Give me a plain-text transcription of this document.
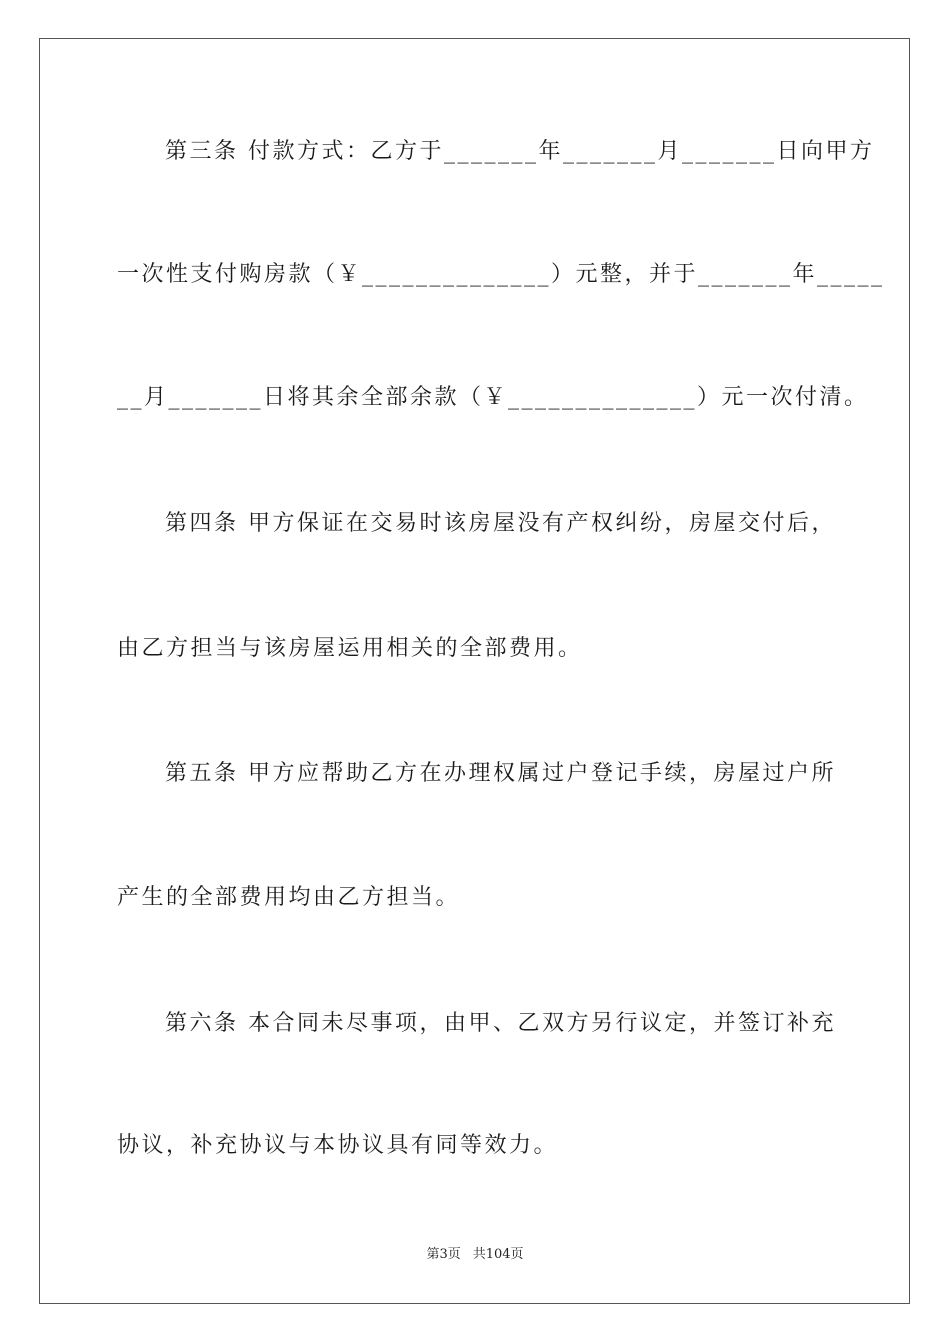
第三条 付款方式：乙方于_______年_______月_______日向甲方
一次性支付购房款（￥______________）元整，并于_______年_____
__月_______日将其余全部余款（￥______________）元一次付清。
第四条 甲方保证在交易时该房屋没有产权纠纷，房屋交付后，
由乙方担当与该房屋运用相关的全部费用。
第五条 甲方应帮助乙方在办理权属过户登记手续，房屋过户所
产生的全部费用均由乙方担当。
第六条 本合同未尽事项，由甲、乙双方另行议定，并签订补充
协议，补充协议与本协议具有同等效力。
第3页 共104页
